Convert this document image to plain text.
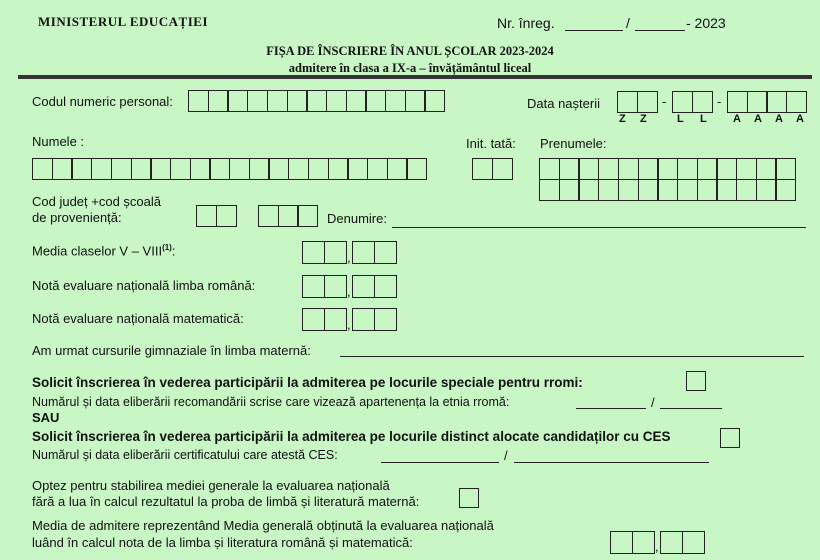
MINISTERUL EDUCAȚIEI	Nr. înreg.	/	- 2023
FIȘA DE ÎNSCRIERE ÎN ANUL ȘCOLAR 2023-2024
admitere în clasa a IX-a – învățământul liceal
Codul numeric personal:	Data nașterii	-	-
Z Z	L L A A A A
Numele :	Init. tată: Prenumele:
Cod județ +cod școală
de proveniență:	Denumire:
Media claselor V – VIII$^{(1)}$:	,
Notă evaluare națională limba română:	,
Notă evaluare națională matematică:	,
Am urmat cursurile gimnaziale în limba maternă:
Solicit înscrierea în vederea participării la admiterea pe locurile speciale pentru rromi:
Numărul și data eliberării recomandării scrise care vizează apartenența la etnia rromă:	/
SAU
Solicit înscrierea în vederea participării la admiterea pe locurile distinct alocate candidaților cu CES
Numărul și data eliberării certificatului care atestă CES:	/
Optez pentru stabilirea mediei generale la evaluarea națională
fără a lua în calcul rezultatul la proba de limbă și literatură maternă:
Media de admitere reprezentând Media generală obținută la evaluarea națională
luând în calcul nota de la limba și literatura română și matematică:	,
